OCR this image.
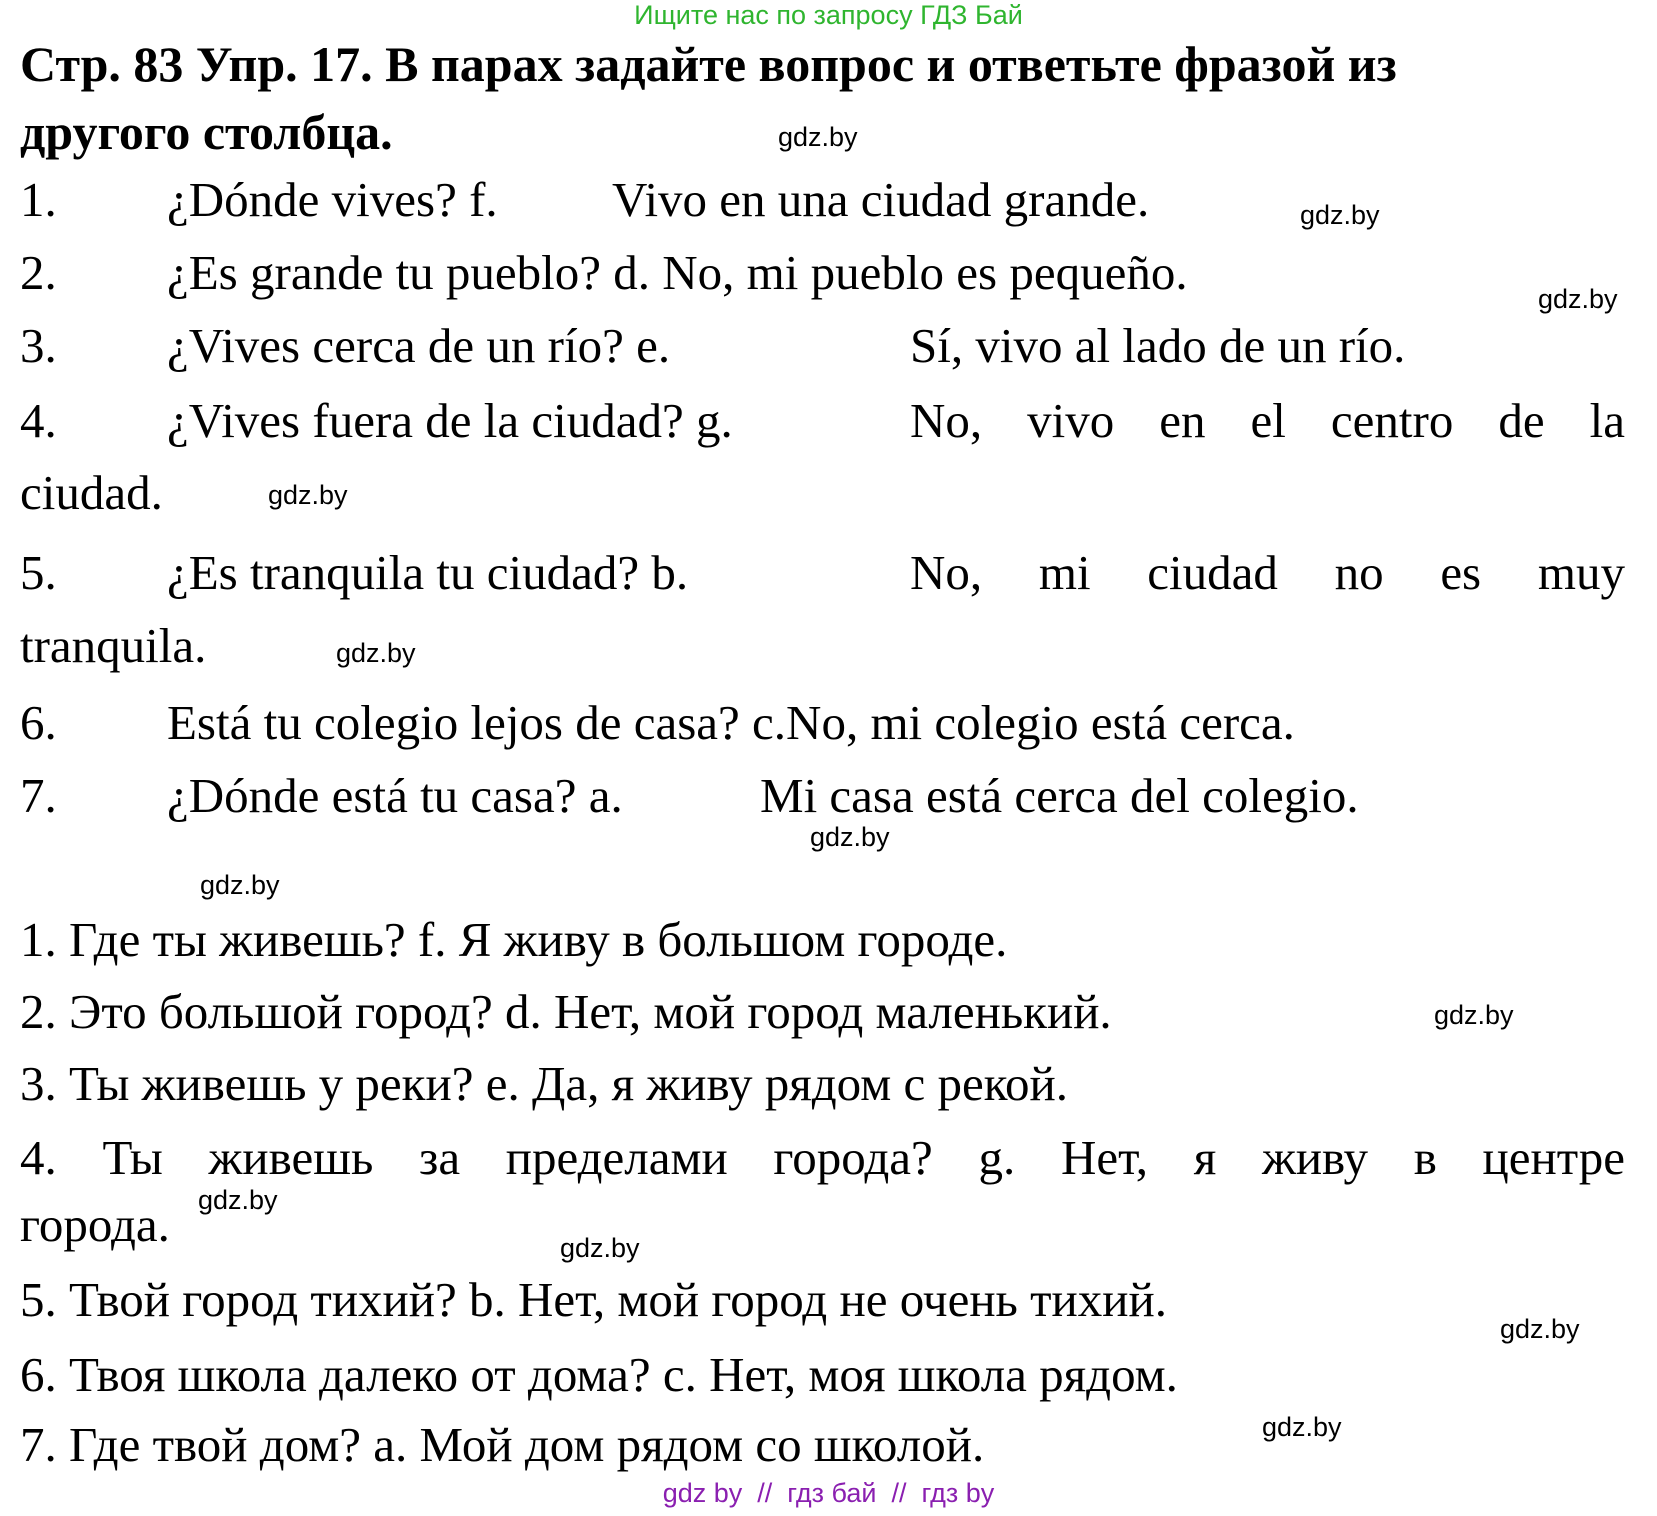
Ищите нас по запросу ГДЗ Бай
Стр. 83 Упр. 17. В парах задайте вопрос и ответьте фразой из
другого столбца.	gdz.by
1. ¿Dónde vives? f. Vivo en una ciudad grande.	gdz.by
2. ¿Es grande tu pueblo? d. No, mi pueblo es pequeño.	gdz.by
3. ¿Vives cerca de un río? e.	Sí, vivo al lado de un río.
4. ¿Vives fuera de la ciudad? g.	No, vivo en el centro de la
ciudad.	gdz.by
5. ¿Es tranquila tu ciudad? b.	No, mi ciudad no es muy
tranquila.	gdz.by
6. Está tu colegio lejos de casa? c.No, mi colegio está cerca.
7. ¿Dónde está tu casa? a.	Mi casa está cerca del colegio.
gdz.by
gdz.by
1. Где ты живешь? f. Я живу в большом городе.
2. Это большой город? d. Нет, мой город маленький.	gdz.by
3. Ты живешь у реки? e. Да, я живу рядом с рекой.
4. Ты живешь за пределами города? g. Нет, я живу в центре
gdz.by
города.	gdz.by
5. Твой город тихий? b. Нет, мой город не очень тихий.
gdz.by
6. Твоя школа далеко от дома? c. Нет, моя школа рядом.
gdz.by
7. Где твой дом? a. Мой дом рядом со школой.
gdz by  //  гдз бай  //  гдз by
